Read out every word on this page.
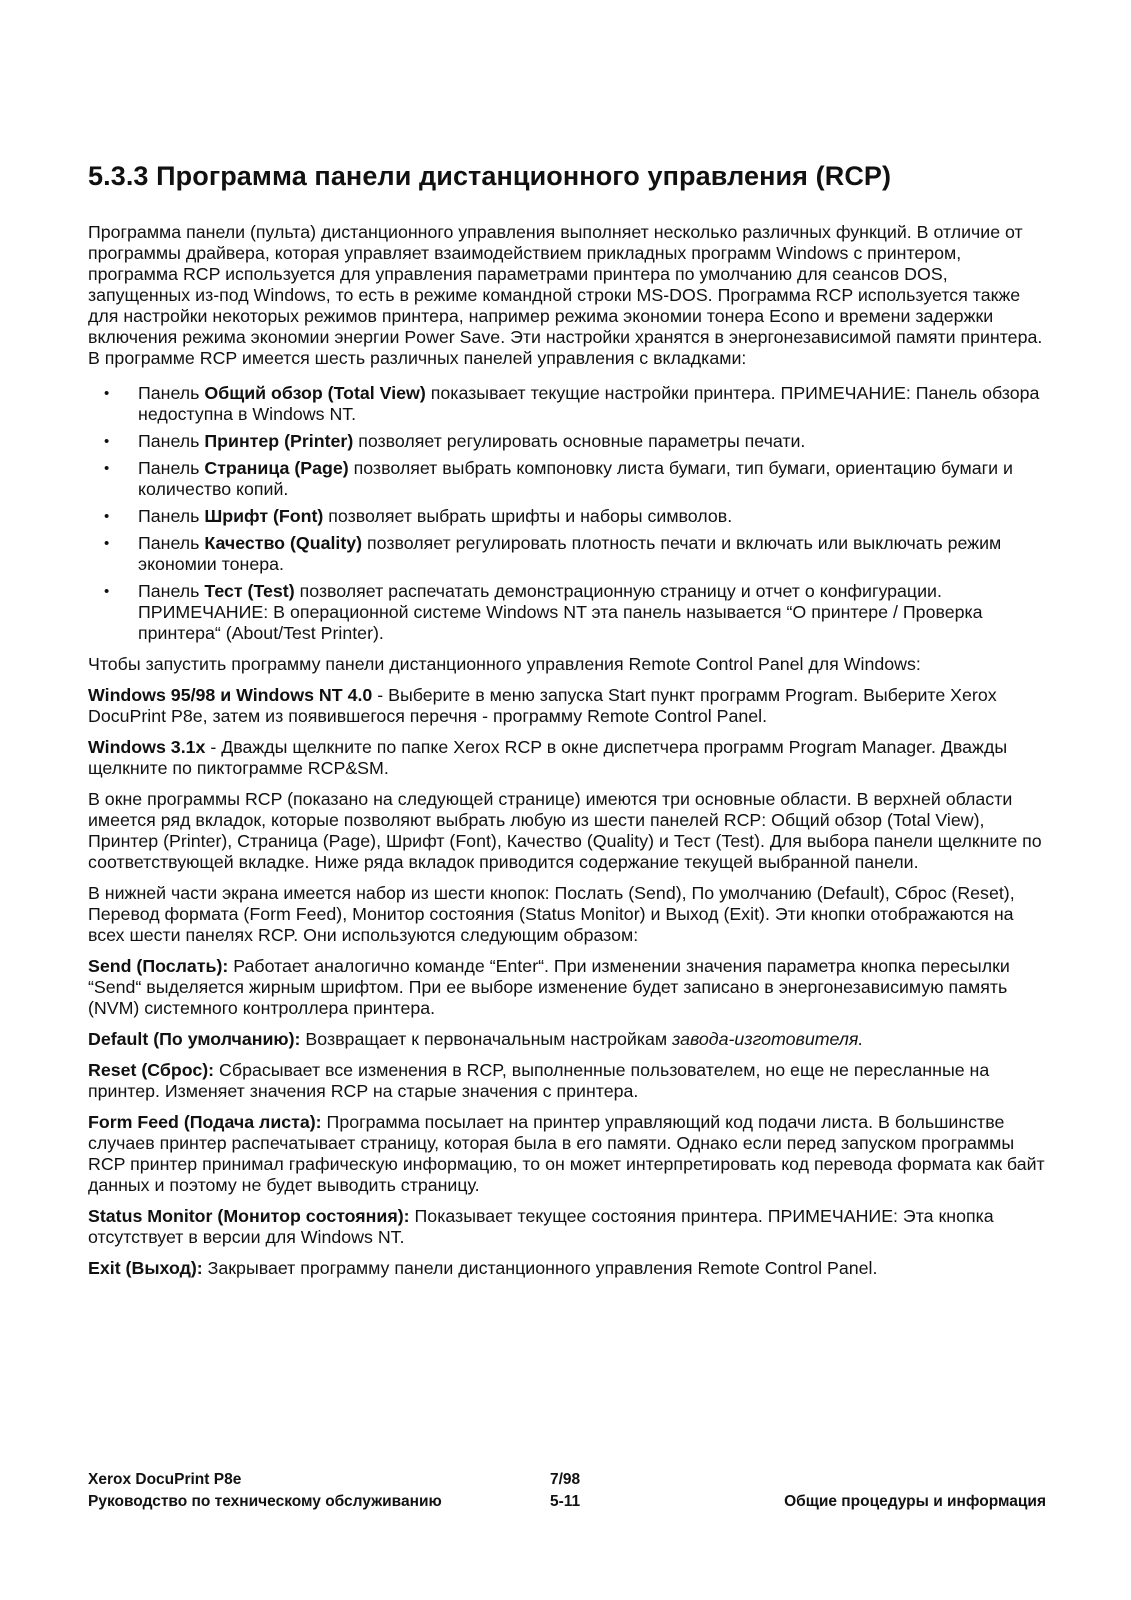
5.3.3 Программа панели дистанционного управления (RCP)

Программа панели (пульта) дистанционного управления выполняет несколько различных функций. В отличие от программы драйвера, которая управляет взаимодействием прикладных программ Windows с принтером, программа RCP используется для управления параметрами принтера по умолчанию для сеансов DOS, запущенных из-под Windows, то есть в режиме командной строки MS-DOS. Программа RCP используется также для настройки некоторых режимов принтера, например режима экономии тонера Econo и времени задержки включения режима экономии энергии Power Save. Эти настройки хранятся в энергонезависимой памяти принтера. В программе RCP имеется шесть различных панелей управления с вкладками:

• Панель Общий обзор (Total View) показывает текущие настройки принтера. ПРИМЕЧАНИЕ: Панель обзора недоступна в Windows NT.
• Панель Принтер (Printer) позволяет регулировать основные параметры печати.
• Панель Страница (Page) позволяет выбрать компоновку листа бумаги, тип бумаги, ориентацию бумаги и количество копий.
• Панель Шрифт (Font) позволяет выбрать шрифты и наборы символов.
• Панель Качество (Quality) позволяет регулировать плотность печати и включать или выключать режим экономии тонера.
• Панель Тест (Test) позволяет распечатать демонстрационную страницу и отчет о конфигурации. ПРИМЕЧАНИЕ: В операционной системе Windows NT эта панель называется “О принтере / Проверка принтера“ (About/Test Printer).

Чтобы запустить программу панели дистанционного управления Remote Control Panel для Windows:

Windows 95/98 и Windows NT 4.0 - Выберите в меню запуска Start пункт программ Program. Выберите Xerox DocuPrint P8e, затем из появившегося перечня - программу Remote Control Panel.

Windows 3.1x - Дважды щелкните по папке Xerox RCP в окне диспетчера программ Program Manager. Дважды щелкните по пиктограмме RCP&SM.

В окне программы RCP (показано на следующей странице) имеются три основные области. В верхней области имеется ряд вкладок, которые позволяют выбрать любую из шести панелей RCP: Общий обзор (Total View), Принтер (Printer), Страница (Page), Шрифт (Font), Качество (Quality) и Тест (Test). Для выбора панели щелкните по соответствующей вкладке. Ниже ряда вкладок приводится содержание текущей выбранной панели.

В нижней части экрана имеется набор из шести кнопок: Послать (Send), По умолчанию (Default), Сброс (Reset), Перевод формата (Form Feed), Монитор состояния (Status Monitor) и Выход (Exit). Эти кнопки отображаются на всех шести панелях RCP. Они используются следующим образом:

Send (Послать): Работает аналогично команде “Enter“. При изменении значения параметра кнопка пересылки “Send“ выделяется жирным шрифтом. При ее выборе изменение будет записано в энергонезависимую память (NVM) системного контроллера принтера.

Default (По умолчанию): Возвращает к первоначальным настройкам завода-изготовителя.

Reset (Сброс): Сбрасывает все изменения в RCP, выполненные пользователем, но еще не пересланные на принтер. Изменяет значения RCP на старые значения с принтера.

Form Feed (Подача листа): Программа посылает на принтер управляющий код подачи листа. В большинстве случаев принтер распечатывает страницу, которая была в его памяти. Однако если перед запуском программы RCP принтер принимал графическую информацию, то он может интерпретировать код перевода формата как байт данных и поэтому не будет выводить страницу.

Status Monitor (Монитор состояния): Показывает текущее состояния принтера. ПРИМЕЧАНИЕ: Эта кнопка отсутствует в версии для Windows NT.

Exit (Выход): Закрывает программу панели дистанционного управления Remote Control Panel.

Xerox DocuPrint P8e	7/98
Руководство по техническому обслуживанию	5-11	Общие процедуры и информация
